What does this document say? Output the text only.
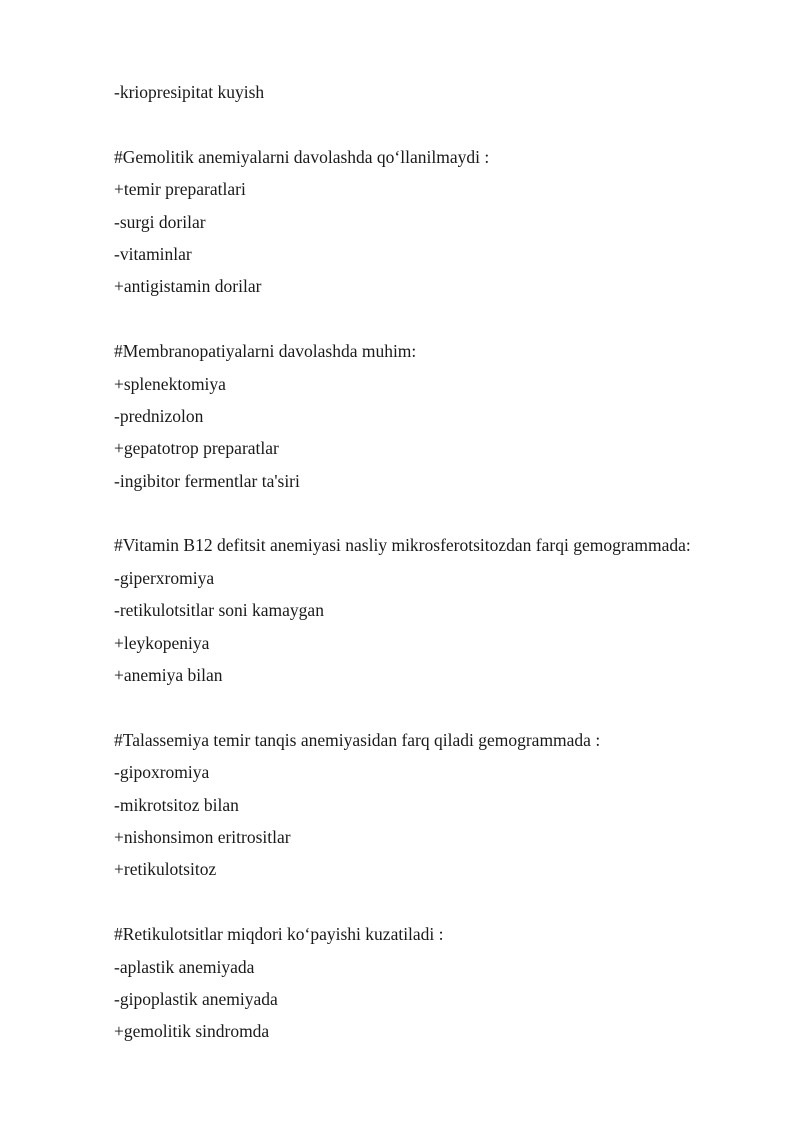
-kriopresipitat kuyish
#Gemolitik anemiyalarni davolashda qo‘llanilmaydi :
+temir preparatlari
-surgi dorilar
-vitaminlar
+antigistamin dorilar
#Membranopatiyalarni davolashda muhim:
+splenektomiya
-prednizolon
+gepatotrop preparatlar
-ingibitor fermentlar ta'siri
#Vitamin B12 defitsit anemiyasi nasliy mikrosferotsitozdan farqi gemogrammada:
-giperxromiya
-retikulotsitlar soni kamaygan
+leykopeniya
+anemiya bilan
#Talassemiya temir tanqis anemiyasidan farq qiladi gemogrammada :
-gipoxromiya
-mikrotsitoz bilan
+nishonsimon eritrositlar
+retikulotsitoz
#Retikulotsitlar miqdori ko‘payishi kuzatiladi :
-aplastik anemiyada
-gipoplastik anemiyada
+gemolitik sindromda
